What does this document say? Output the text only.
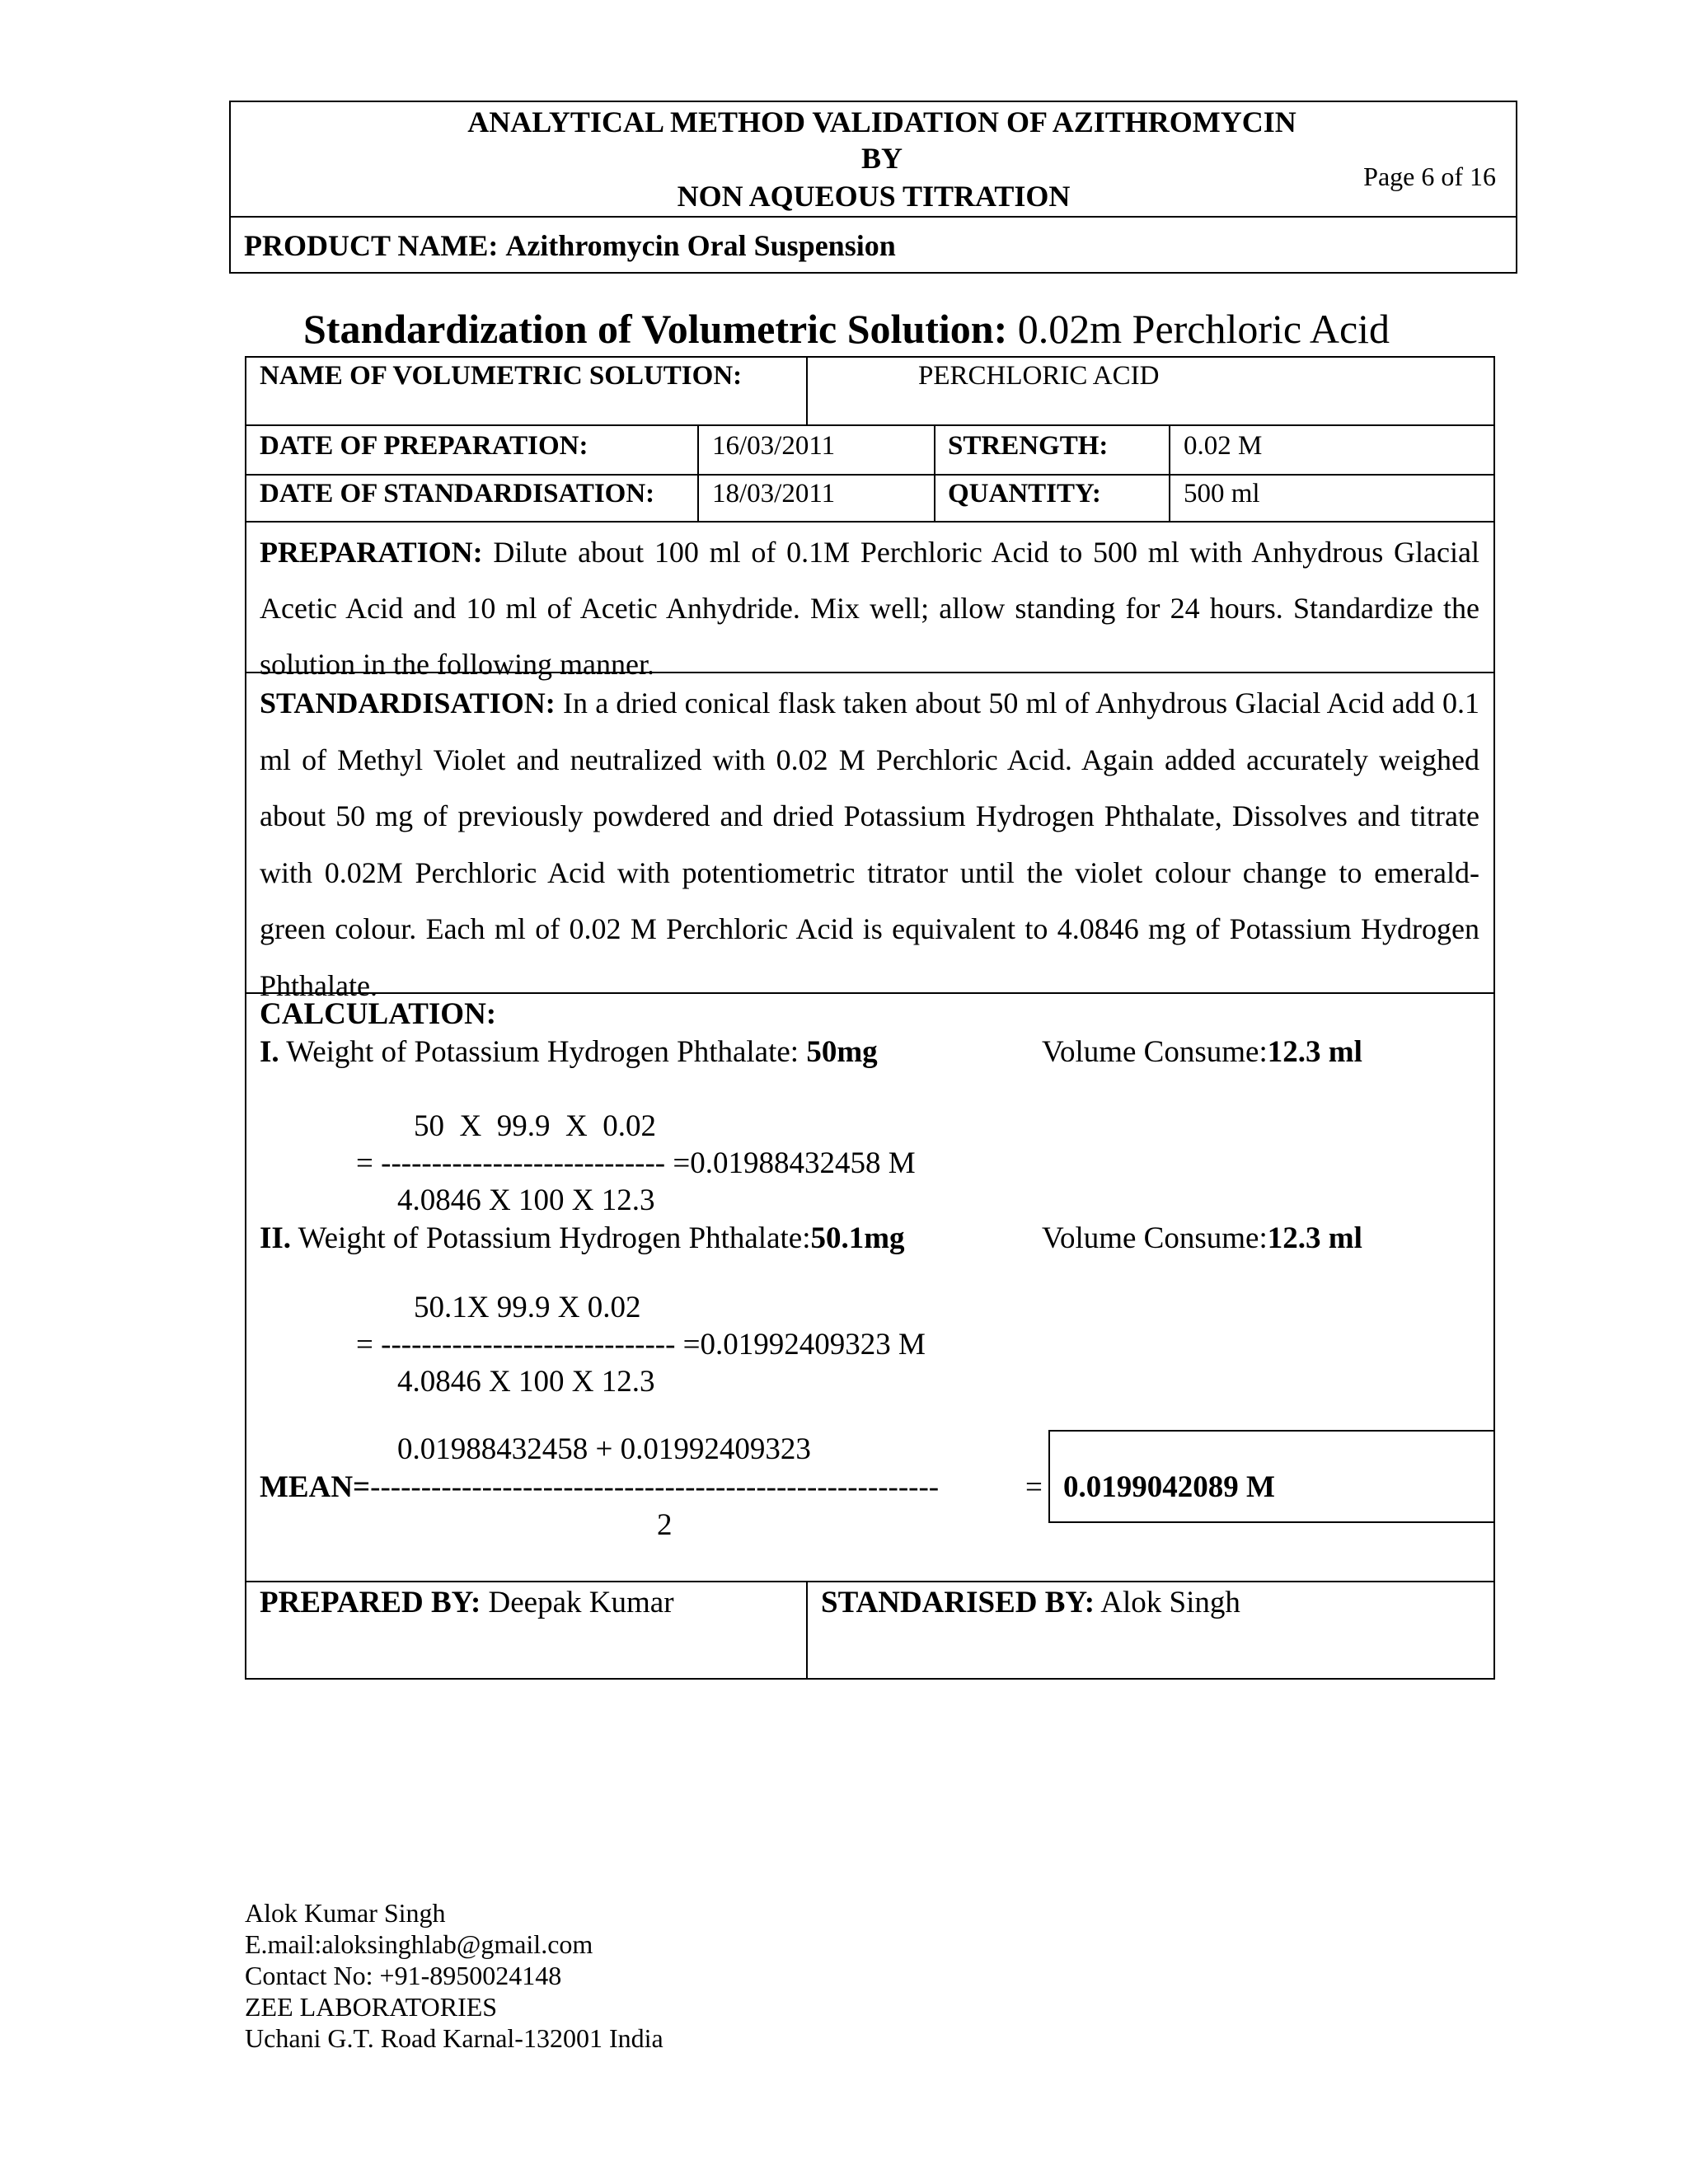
ANALYTICAL METHOD VALIDATION OF AZITHROMYCIN
BY
NON AQUEOUS TITRATION
Page 6 of 16
PRODUCT NAME: Azithromycin Oral Suspension
Standardization of Volumetric Solution: 0.02m Perchloric Acid
NAME OF VOLUMETRIC SOLUTION:	PERCHLORIC ACID
DATE OF PREPARATION:	16/03/2011	STRENGTH:	0.02 M
DATE OF STANDARDISATION: 18/03/2011	QUANTITY:	500 ml
PREPARATION: Dilute about 100 ml of 0.1M Perchloric Acid to 500 ml with Anhydrous Glacial Acetic Acid and 10 ml of Acetic Anhydride. Mix well; allow standing for 24 hours. Standardize the solution in the following manner.
STANDARDISATION: In a dried conical flask taken about 50 ml of Anhydrous Glacial Acid add 0.1 ml of Methyl Violet and neutralized with 0.02 M Perchloric Acid. Again added accurately weighed about 50 mg of previously powdered and dried Potassium Hydrogen Phthalate, Dissolves and titrate with 0.02M Perchloric Acid with potentiometric titrator until the violet colour change to emerald-green colour. Each ml of 0.02 M Perchloric Acid is equivalent to 4.0846 mg of Potassium Hydrogen Phthalate.
CALCULATION:
I. Weight of Potassium Hydrogen Phthalate: 50mg	Volume Consume:12.3 ml
50  X  99.9  X  0.02
= ---------------------------- =0.01988432458 M
4.0846 X 100 X 12.3
II. Weight of Potassium Hydrogen Phthalate:50.1mg	Volume Consume:12.3 ml
50.1X 99.9 X 0.02
= ----------------------------- =0.01992409323 M
4.0846 X 100 X 12.3
0.01988432458 + 0.01992409323
MEAN=--------------------------------------------------------	=
2
0.0199042089 M
PREPARED BY: Deepak Kumar	STANDARISED BY: Alok Singh
Alok Kumar Singh
E.mail:aloksinghlab@gmail.com
Contact No: +91-8950024148
ZEE LABORATORIES
Uchani G.T. Road Karnal-132001 India
